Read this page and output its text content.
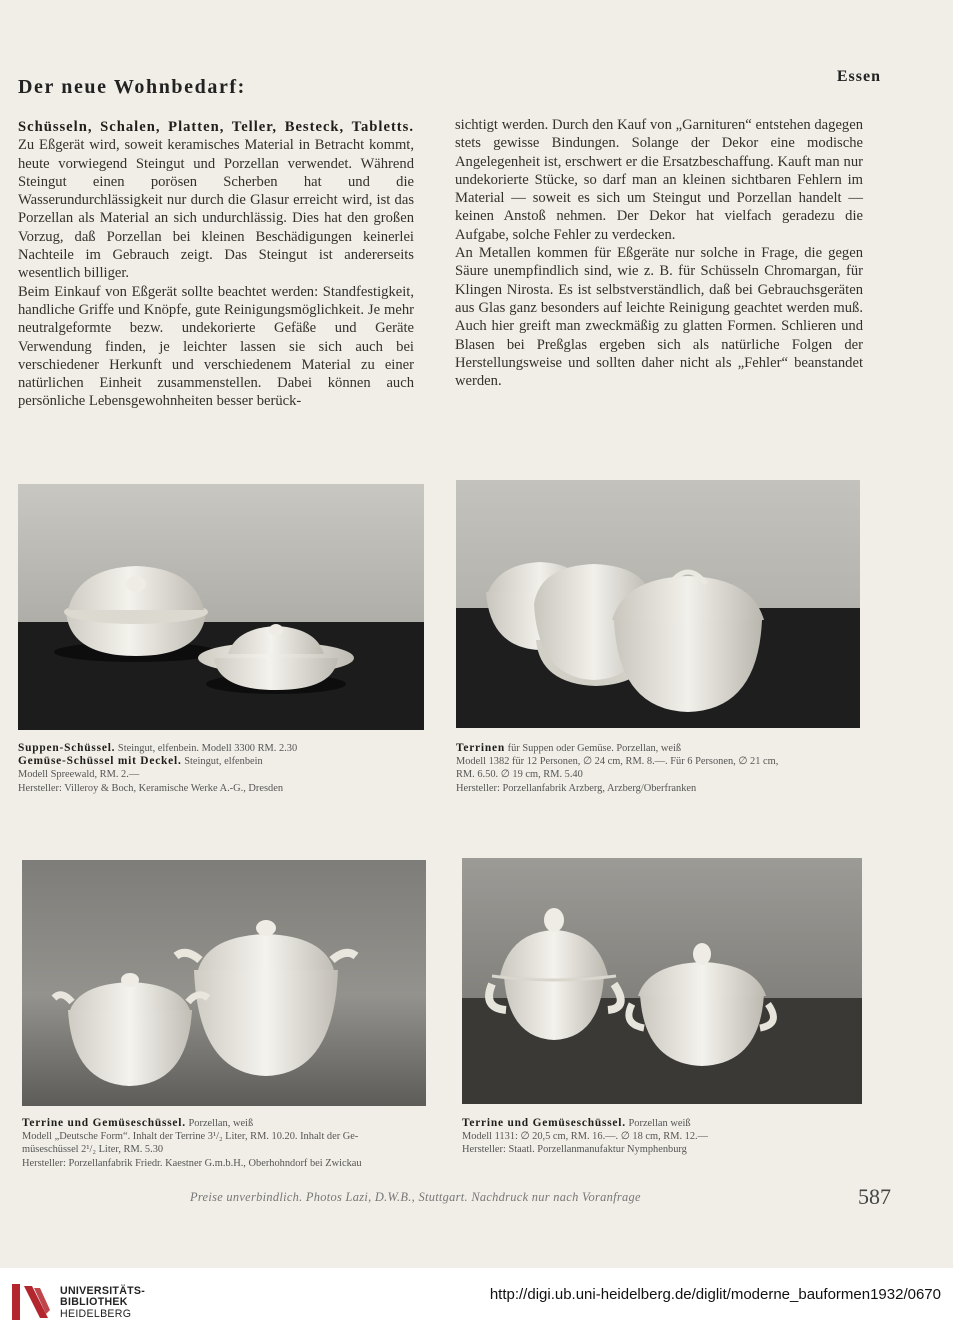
Der neue Wohnbedarf:	Essen

Schüsseln, Schalen, Platten, Teller, Besteck, Tabletts. Zu Eßgerät wird, soweit keramisches Material in Betracht kommt, heute vorwiegend Steingut und Porzellan verwendet. Während Steingut einen porösen Scherben hat und die Wasserundurchlässigkeit nur durch die Glasur erreicht wird, ist das Porzellan als Material an sich undurchlässig. Dies hat den großen Vorzug, daß Porzellan bei kleinen Beschädigungen keinerlei Nachteile im Gebrauch zeigt. Das Steingut ist andererseits wesentlich billiger.

Beim Einkauf von Eßgerät sollte beachtet werden: Standfestigkeit, handliche Griffe und Knöpfe, gute Reinigungsmöglichkeit. Je mehr neutralgeformte bezw. undekorierte Gefäße und Geräte Verwendung finden, je leichter lassen sie sich auch bei verschiedener Herkunft und verschiedenem Material zu einer natürlichen Einheit zusammenstellen. Dabei können auch persönliche Lebensgewohnheiten besser berück-

sichtigt werden. Durch den Kauf von „Garnituren“ entstehen dagegen stets gewisse Bindungen. Solange der Dekor eine modische Angelegenheit ist, erschwert er die Ersatzbeschaffung. Kauft man nur undekorierte Stücke, so darf man an kleinen sichtbaren Fehlern im Material — soweit es sich um Steingut und Porzellan handelt — keinen Anstoß nehmen. Der Dekor hat vielfach geradezu die Aufgabe, solche Fehler zu verdecken.

An Metallen kommen für Eßgeräte nur solche in Frage, die gegen Säure unempfindlich sind, wie z. B. für Schüsseln Chromargan, für Klingen Nirosta. Es ist selbstverständlich, daß bei Gebrauchsgeräten aus Glas ganz besonders auf leichte Reinigung geachtet werden muß. Auch hier greift man zweckmäßig zu glatten Formen. Schlieren und Blasen bei Preßglas ergeben sich als natürliche Folgen der Herstellungsweise und sollten daher nicht als „Fehler“ beanstandet werden.

Suppen-Schüssel. Steingut, elfenbein. Modell 3300 RM. 2.30
Gemüse-Schüssel mit Deckel. Steingut, elfenbein
Modell Spreewald, RM. 2.—
Hersteller: Villeroy & Boch, Keramische Werke A.-G., Dresden
Terrinen für Suppen oder Gemüse. Porzellan, weiß
Modell 1382 für 12 Personen, ∅ 24 cm, RM. 8.—. Für 6 Personen, ∅ 21 cm,
RM. 6.50. ∅ 19 cm, RM. 5.40
Hersteller: Porzellanfabrik Arzberg, Arzberg/Oberfranken
Terrine und Gemüseschüssel. Porzellan, weiß
Modell „Deutsche Form“. Inhalt der Terrine 3¹/₂ Liter, RM. 10.20. Inhalt der Ge-
müseschüssel 2¹/₂ Liter, RM. 5.30
Hersteller: Porzellanfabrik Friedr. Kaestner G.m.b.H., Oberhohndorf bei Zwickau
Terrine und Gemüseschüssel. Porzellan weiß
Modell 1131: ∅ 20,5 cm, RM. 16.—. ∅ 18 cm, RM. 12.—
Hersteller: Staatl. Porzellanmanufaktur Nymphenburg
Preise unverbindlich. Photos Lazi, D.W.B., Stuttgart. Nachdruck nur nach Voranfrage	587
UNIVERSITÄTS-
BIBLIOTHEK
HEIDELBERG
http://digi.ub.uni-heidelberg.de/diglit/moderne_bauformen1932/0670
